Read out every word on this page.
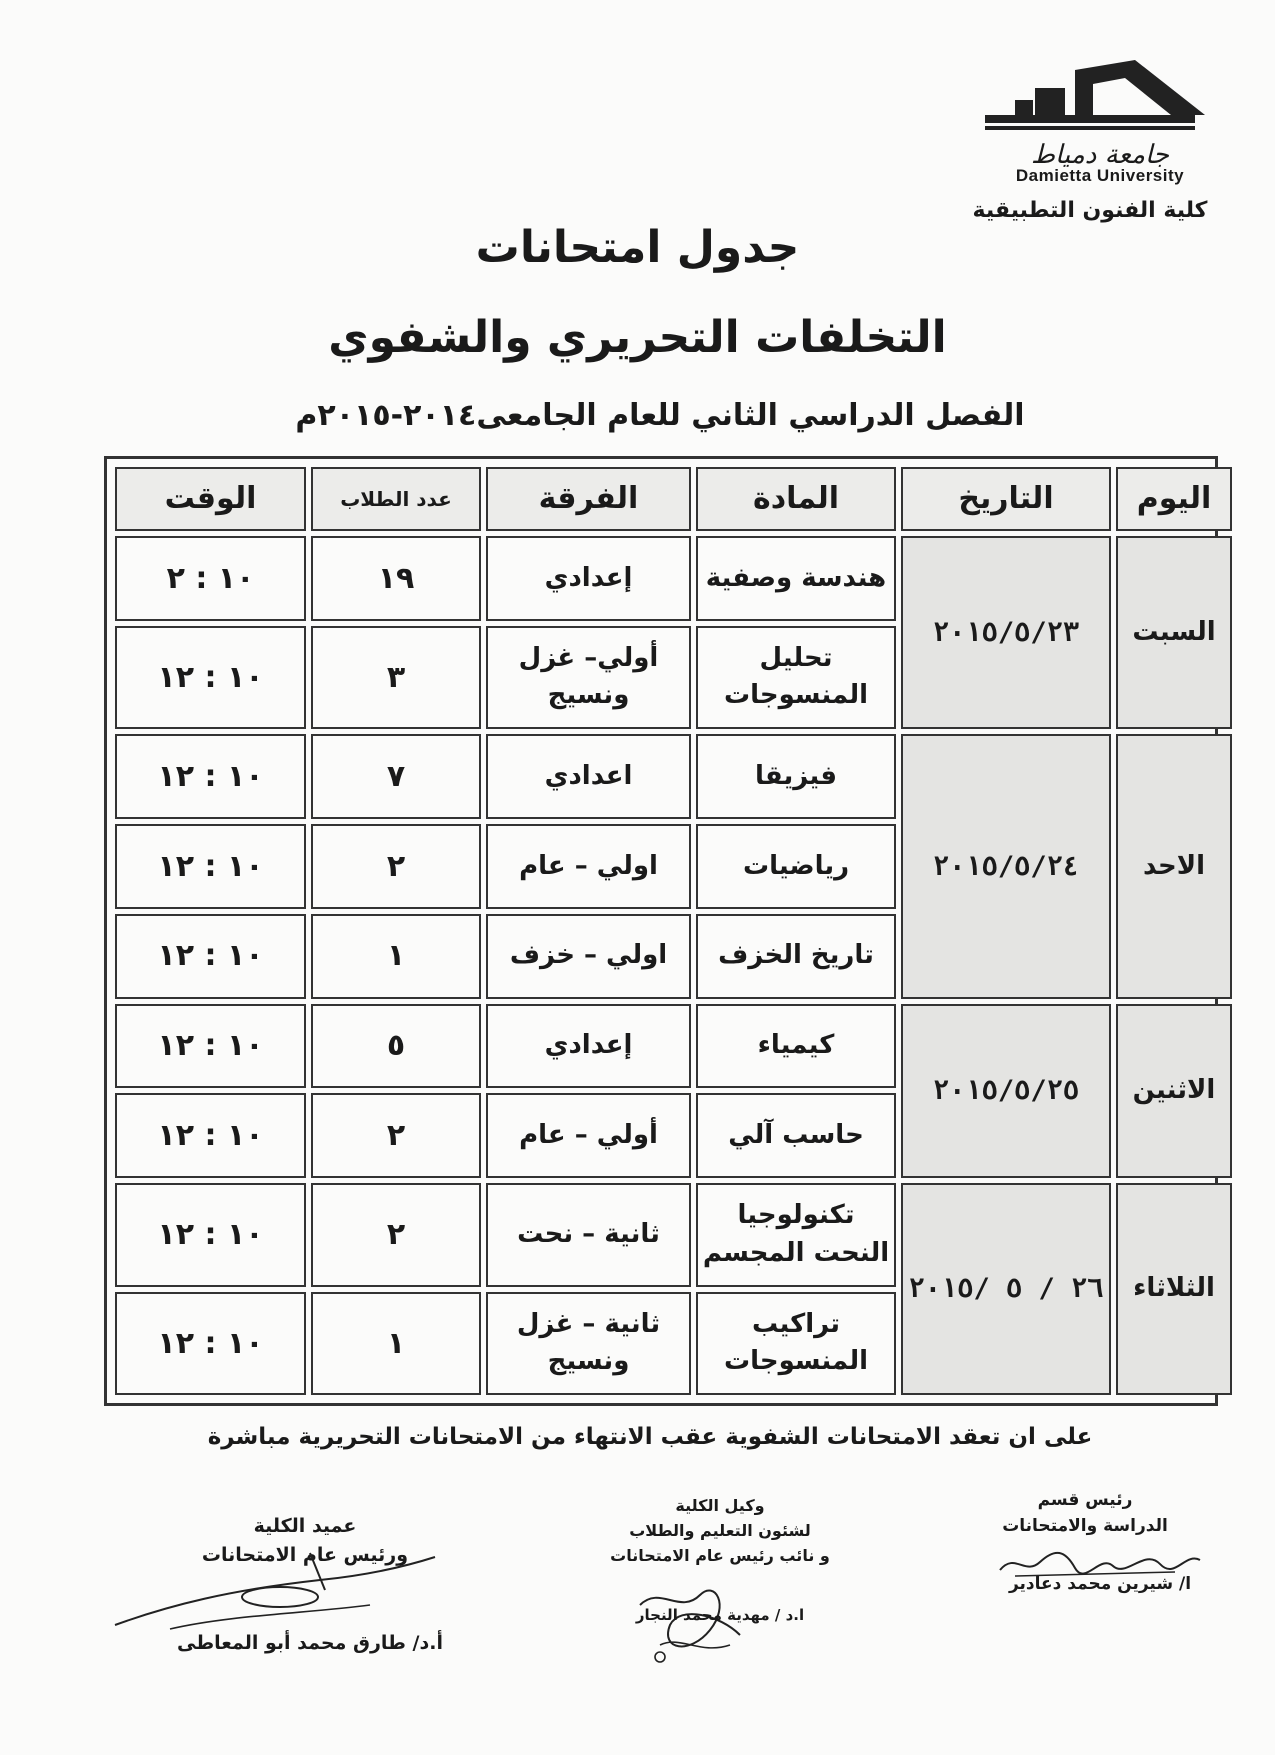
جامعة دمياط
Damietta University
كلية الفنون التطبيقية
جدول امتحانات
التخلفات التحريري والشفوي
الفصل الدراسي الثاني للعام الجامعى٢٠١٤-٢٠١٥م
اليوم	التاريخ	المادة	الفرقة	عدد الطلاب	الوقت
السبت	٢٠١٥/٥/٢٣	هندسة وصفية	إعدادي	١٩	١٠ : ٢
		تحليل المنسوجات	أولي– غزل ونسيج	٣	١٠ : ١٢
الاحد	٢٠١٥/٥/٢٤	فيزيقا	اعدادي	٧	١٠ : ١٢
		رياضيات	اولي – عام	٢	١٠ : ١٢
		تاريخ الخزف	اولي – خزف	١	١٠ : ١٢
الاثنين	٢٠١٥/٥/٢٥	كيمياء	إعدادي	٥	١٠ : ١٢
		حاسب آلي	أولي – عام	٢	١٠ : ١٢
الثلاثاء	٢٦ / ٥ /٢٠١٥	تكنولوجيا النحت المجسم	ثانية – نحت	٢	١٠ : ١٢
		تراكيب المنسوجات	ثانية – غزل ونسيج	١	١٠ : ١٢
على ان تعقد الامتحانات الشفوية عقب الانتهاء من الامتحانات التحريرية مباشرة
رئيس قسم
الدراسة والامتحانات
ا/ شيرين محمد دعادير
وكيل الكلية
لشئون التعليم والطلاب
و نائب رئيس عام الامتحانات
ا.د / مهدية محمد النجار
عميد الكلية
ورئيس عام الامتحانات
أ.د/ طارق محمد أبو المعاطى
